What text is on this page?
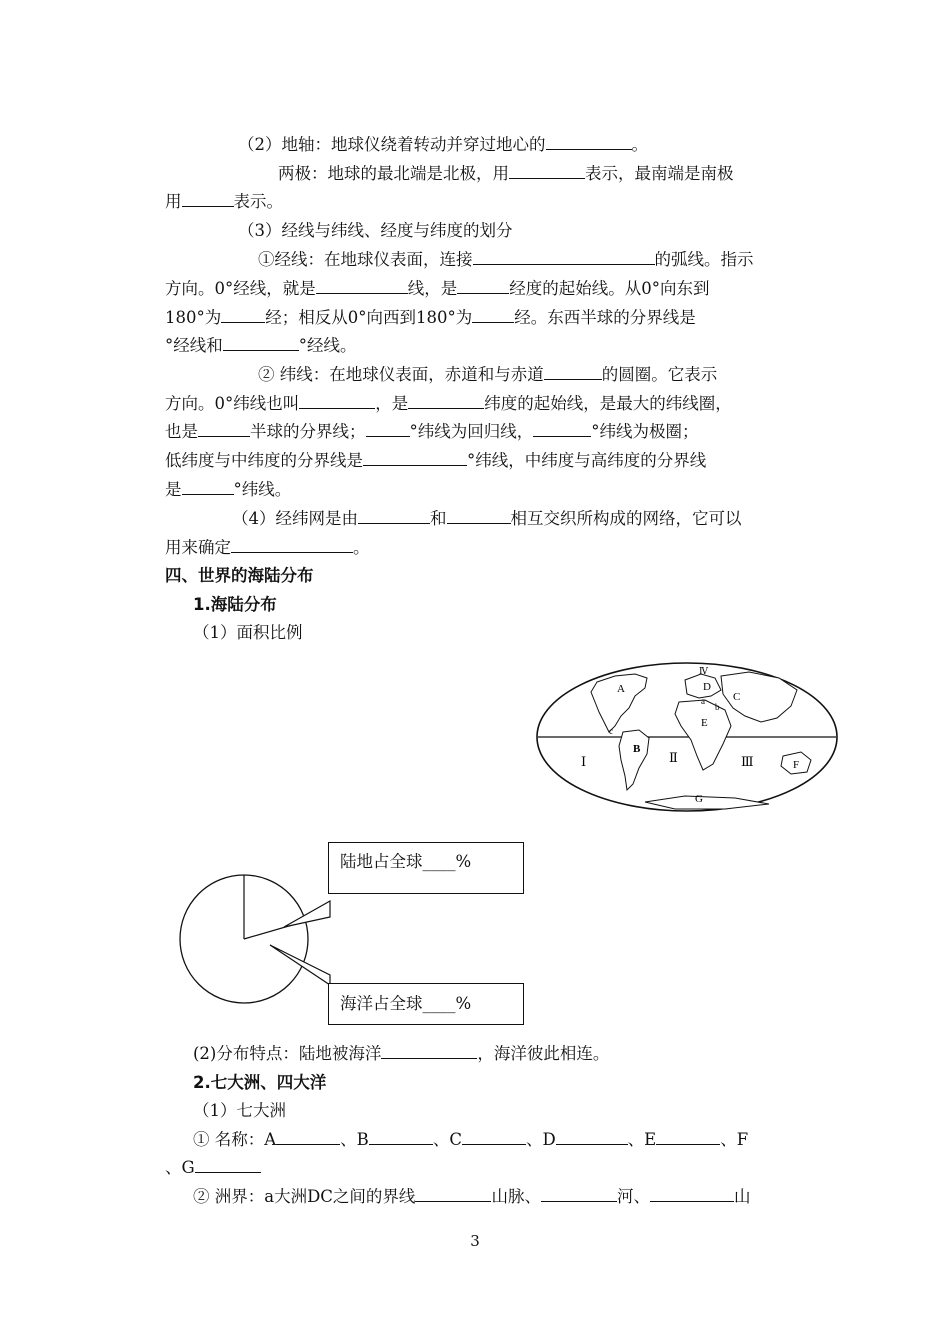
（2）地轴：地球仪绕着转动并穿过地心的	。
两极：地球的最北端是北极，用	表示，最南端是南极
用	表示。
（3）经线与纬线、经度与纬度的划分
①经线：在地球仪表面，连接	的弧线。指示
方向。0°经线，就是	线，是	经度的起始线。从0°向东到
180°为	经；相反从0°向西到180°为	经。东西半球的分界线是
°经线和	°经线。
② 纬线：在地球仪表面，赤道和与赤道	的圆圈。它表示
方向。0°纬线也叫	，是	纬度的起始线，是最大的纬线圈，
也是	半球的分界线；	°纬线为回归线，	°纬线为极圈；
低纬度与中纬度的分界线是	°纬线，中纬度与高纬度的分界线
是	°纬线。
（4）经纬网是由	和	相互交织所构成的网络，它可以
用来确定	。
四、世界的海陆分布
1.海陆分布
（1）面积比例
A	D
C
E
B
F
G
Ⅰ	Ⅱ	Ⅲ
Ⅳ
a
b
c
陆地占全球____%
海洋占全球____%
(2)分布特点：陆地被海洋	，海洋彼此相连。
2.七大洲、四大洋
（1）七大洲
① 名称：A	、B	、C	、D	、E	、F
、G
② 洲界：a大洲DC之间的界线	山脉、	河、	山
3
